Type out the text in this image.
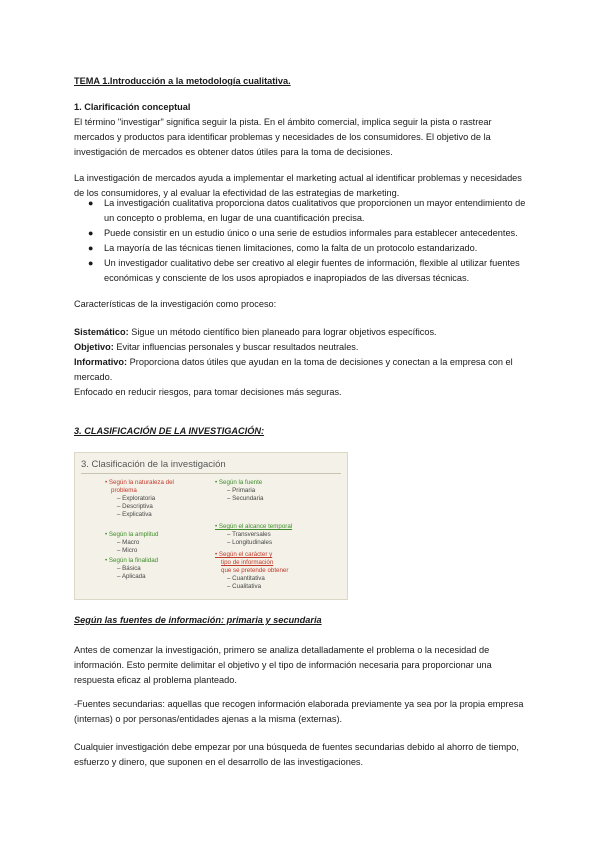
TEMA 1.Introducción a la metodología cualitativa.

1. Clarificación conceptual

El término "investigar" significa seguir la pista. En el ámbito comercial, implica seguir la pista o rastrear mercados y productos para identificar problemas y necesidades de los consumidores. El objetivo de la investigación de mercados es obtener datos útiles para la toma de decisiones.

La investigación de mercados ayuda a implementar el marketing actual al identificar problemas y necesidades de los consumidores, y al evaluar la efectividad de las estrategias de marketing.

● La investigación cualitativa proporciona datos cualitativos que proporcionen un mayor entendimiento de un concepto o problema, en lugar de una cuantificación precisa.
● Puede consistir en un estudio único o una serie de estudios informales para establecer antecedentes.
● La mayoría de las técnicas tienen limitaciones, como la falta de un protocolo estandarizado.
● Un investigador cualitativo debe ser creativo al elegir fuentes de información, flexible al utilizar fuentes económicas y consciente de los usos apropiados e inapropiados de las diversas técnicas.

Características de la investigación como proceso:

Sistemático: Sigue un método científico bien planeado para lograr objetivos específicos.

Objetivo: Evitar influencias personales y buscar resultados neutrales.

Informativo: Proporciona datos útiles que ayudan en la toma de decisiones y conectan a la empresa con el mercado.

Enfocado en reducir riesgos, para tomar decisiones más seguras.

3. CLASIFICACIÓN DE LA INVESTIGACIÓN:

3. Clasificación de la investigación
• Según la naturaleza del
problema
– Exploratoria
– Descriptiva
– Explicativa
• Según la amplitud
– Macro
– Micro
• Según la finalidad
– Básica
– Aplicada
• Según la fuente
– Primaria
– Secundaria
• Según el alcance temporal
– Transversales
– Longitudinales
• Según el carácter y
tipo de información
que se pretende obtener
– Cuantitativa
– Cualitativa

Según las fuentes de información: primaria y secundaria

Antes de comenzar la investigación, primero se analiza detalladamente el problema o la necesidad de información. Esto permite delimitar el objetivo y el tipo de información necesaria para proporcionar una respuesta eficaz al problema planteado.

-Fuentes secundarias: aquellas que recogen información elaborada previamente ya sea por la propia empresa (internas) o por personas/entidades ajenas a la misma (externas).

Cualquier investigación debe empezar por una búsqueda de fuentes secundarias debido al ahorro de tiempo, esfuerzo y dinero, que suponen en el desarrollo de las investigaciones.
